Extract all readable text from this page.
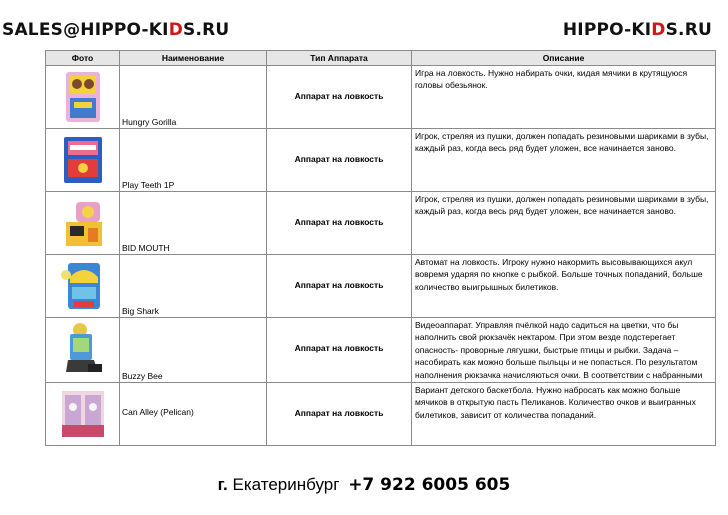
SALES@HIPPO-KIDS.RU	HIPPO-KIDS.RU
Фото	Наименование	Тип Аппарата	Описание

Hungry Gorilla	Аппарат на ловкость	Игра на ловкость. Нужно набирать очки, кидая мячики в крутящуюся головы обезьянок.

Play Teeth 1P	Аппарат на ловкость	Игрок, стреляя из пушки, должен попадать резиновыми шариками в зубы, каждый раз, когда весь ряд будет уложен, все начинается заново.

BID MOUTH	Аппарат на ловкость	Игрок, стреляя из пушки, должен попадать резиновыми шариками в зубы, каждый раз, когда весь ряд будет уложен, все начинается заново.

Big Shark	Аппарат на ловкость	Автомат на ловкость. Игроку нужно накормить высовывающихся акул вовремя ударяя по кнопке с рыбкой. Больше точных попаданий, больше количество выигрышных билетиков.

Buzzy Bee	Аппарат на ловкость	Видеоаппарат. Управляя пчёлкой надо садиться на цветки, что бы наполнить свой рюкзачёк нектаром. При этом везде подстерегает опасность- проворные лягушки, быстрые птицы и рыбки. Задача – насобирать как можно больше пыльцы и не попасться. По результатом наполнения рюкзачка начисляються очки. В соответствии с набранными

Can Alley (Pelican)	Аппарат на ловкость	Вариант детского баскетбола. Нужно набросать как можно больше мячиков в открытую пасть Пеликанов. Количество очков и выигранных билетиков, зависит от количества попаданий.
г. Екатеринбург +7 922 6005 605
